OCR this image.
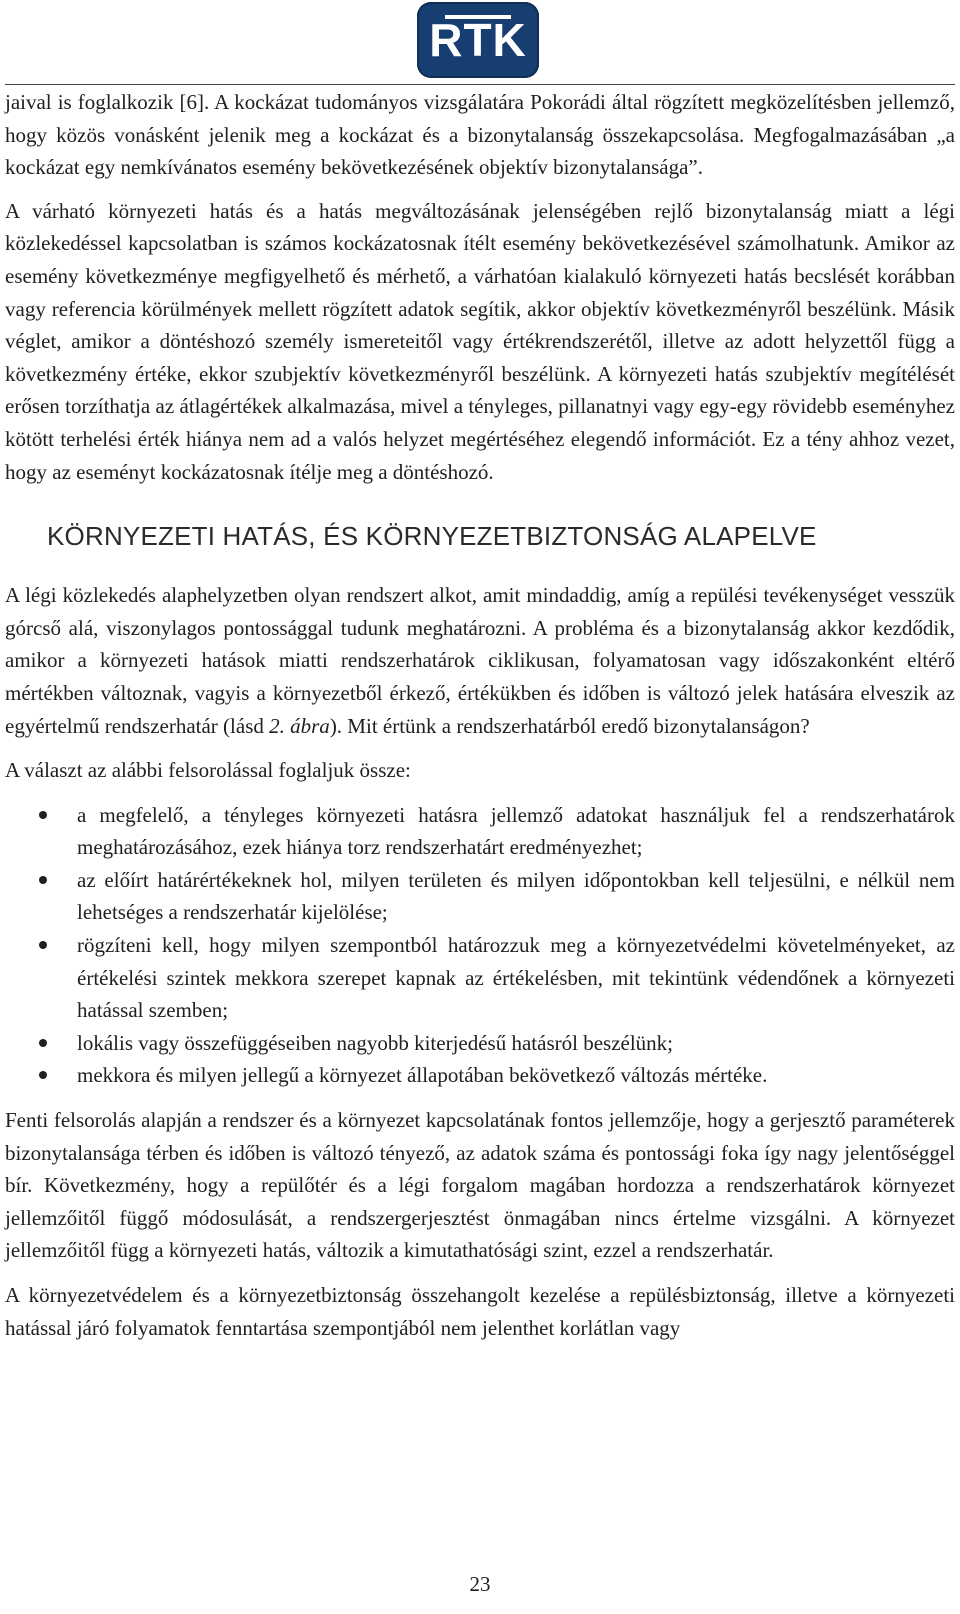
RTK

jaival is foglalkozik [6]. A kockázat tudományos vizsgálatára Pokorádi által rögzített megközelítésben jellemző, hogy közös vonásként jelenik meg a kockázat és a bizonytalanság összekapcsolása. Megfogalmazásában „a kockázat egy nemkívánatos esemény bekövetkezésének objektív bizonytalansága”.

A várható környezeti hatás és a hatás megváltozásának jelenségében rejlő bizonytalanság miatt a légi közlekedéssel kapcsolatban is számos kockázatosnak ítélt esemény bekövetkezésével számolhatunk. Amikor az esemény következménye megfigyelhető és mérhető, a várhatóan kialakuló környezeti hatás becslését korábban vagy referencia körülmények mellett rögzített adatok segítik, akkor objektív következményről beszélünk. Másik véglet, amikor a döntéshozó személy ismereteitől vagy értékrendszerétől, illetve az adott helyzettől függ a következmény értéke, ekkor szubjektív következményről beszélünk. A környezeti hatás szubjektív megítélését erősen torzíthatja az átlagértékek alkalmazása, mivel a tényleges, pillanatnyi vagy egy-egy rövidebb eseményhez kötött terhelési érték hiánya nem ad a valós helyzet megértéséhez elegendő információt. Ez a tény ahhoz vezet, hogy az eseményt kockázatosnak ítélje meg a döntéshozó.

KÖRNYEZETI HATÁS, ÉS KÖRNYEZETBIZTONSÁG ALAPELVE

A légi közlekedés alaphelyzetben olyan rendszert alkot, amit mindaddig, amíg a repülési tevékenységet vesszük górcső alá, viszonylagos pontossággal tudunk meghatározni. A probléma és a bizonytalanság akkor kezdődik, amikor a környezeti hatások miatti rendszerhatárok ciklikusan, folyamatosan vagy időszakonként eltérő mértékben változnak, vagyis a környezetből érkező, értékükben és időben is változó jelek hatására elveszik az egyértelmű rendszerhatár (lásd 2. ábra). Mit értünk a rendszerhatárból eredő bizonytalanságon?

A választ az alábbi felsorolással foglaljuk össze:

a megfelelő, a tényleges környezeti hatásra jellemző adatokat használjuk fel a rendszerhatárok meghatározásához, ezek hiánya torz rendszerhatárt eredményezhet;
az előírt határértékeknek hol, milyen területen és milyen időpontokban kell teljesülni, e nélkül nem lehetséges a rendszerhatár kijelölése;
rögzíteni kell, hogy milyen szempontból határozzuk meg a környezetvédelmi követelményeket, az értékelési szintek mekkora szerepet kapnak az értékelésben, mit tekintünk védendőnek a környezeti hatással szemben;
lokális vagy összefüggéseiben nagyobb kiterjedésű hatásról beszélünk;
mekkora és milyen jellegű a környezet állapotában bekövetkező változás mértéke.

Fenti felsorolás alapján a rendszer és a környezet kapcsolatának fontos jellemzője, hogy a gerjesztő paraméterek bizonytalansága térben és időben is változó tényező, az adatok száma és pontossági foka így nagy jelentőséggel bír. Következmény, hogy a repülőtér és a légi forgalom magában hordozza a rendszerhatárok környezet jellemzőitől függő módosulását, a rendszergerjesztést önmagában nincs értelme vizsgálni. A környezet jellemzőitől függ a környezeti hatás, változik a kimutathatósági szint, ezzel a rendszerhatár.

A környezetvédelem és a környezetbiztonság összehangolt kezelése a repülésbiztonság, illetve a környezeti hatással járó folyamatok fenntartása szempontjából nem jelenthet korlátlan vagy

23
